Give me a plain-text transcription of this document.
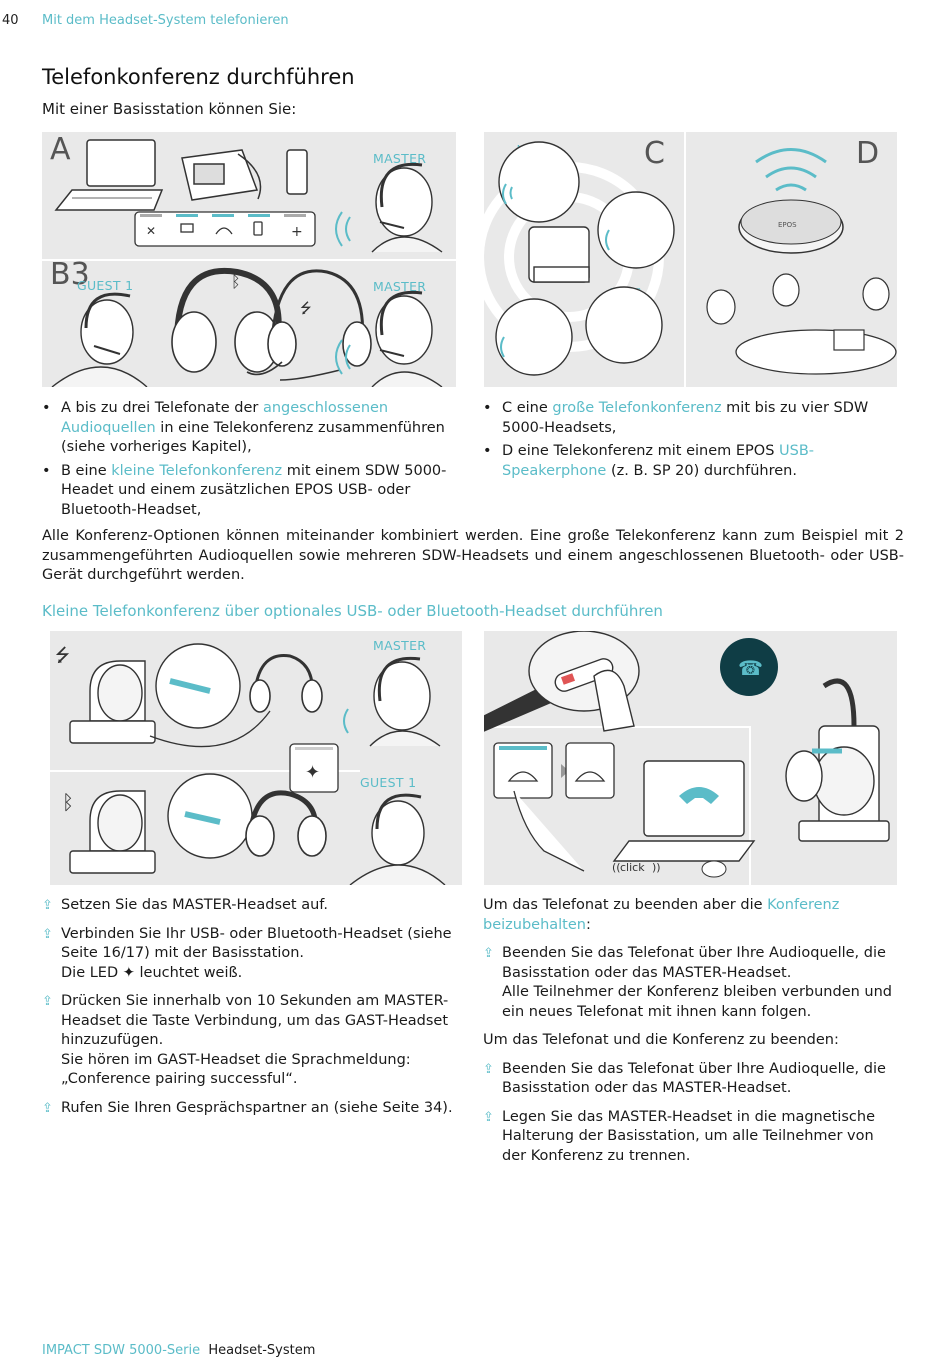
40 Mit dem Headset-System telefonieren
Telefonkonferenz durchführen
Mit einer Basisstation können Sie:
A
B3
MASTER
GUEST 1	MASTER
✕	+
ᛒ
⭍
C	D
EPOS
• A bis zu drei Telefonate der angeschlossenen Audioquellen in eine Telekonferenz zusammenführen (siehe vorheriges Kapitel),
• B eine kleine Telefonkonferenz mit einem SDW 5000-Headet und einem zusätzlichen EPOS USB- oder Bluetooth-Headset,
• C eine große Telefonkonferenz mit bis zu vier SDW 5000-Headsets,
• D eine Telekonferenz mit einem EPOS USB-Speakerphone (z. B. SP 20) durchführen.
Alle Konferenz-Optionen können miteinander kombiniert werden. Eine große Telekonferenz kann zum Beispiel mit 2 zusammengeführten Audioquellen sowie mehreren SDW-Headsets und einem angeschlossenen Bluetooth- oder USB-Gerät durchgeführt werden.
Kleine Telefonkonferenz über optionales USB- oder Bluetooth-Headset durchführen
MASTER
GUEST 1
⭍
✦
ᛒ
☎
(( click ))
⇪ Setzen Sie das MASTER-Headset auf.
⇪ Verbinden Sie Ihr USB- oder Bluetooth-Headset (siehe Seite 16/17) mit der Basisstation.
Die LED ✦ leuchtet weiß.
⇪ Drücken Sie innerhalb von 10 Sekunden am MASTER-Headset die Taste Verbindung, um das GAST-Headset hinzuzufügen.
Sie hören im GAST-Headset die Sprachmeldung: „Conference pairing successful“.
⇪ Rufen Sie Ihren Gesprächspartner an (siehe Seite 34).
Um das Telefonat zu beenden aber die Konferenz beizubehalten:
⇪ Beenden Sie das Telefonat über Ihre Audioquelle, die Basisstation oder das MASTER-Headset.
Alle Teilnehmer der Konferenz bleiben verbunden und ein neues Telefonat mit ihnen kann folgen.
Um das Telefonat und die Konferenz zu beenden:
⇪ Beenden Sie das Telefonat über Ihre Audioquelle, die Basisstation oder das MASTER-Headset.
⇪ Legen Sie das MASTER-Headset in die magnetische Halterung der Basisstation, um alle Teilnehmer von der Konferenz zu trennen.
IMPACT SDW 5000-Serie Headset-System
